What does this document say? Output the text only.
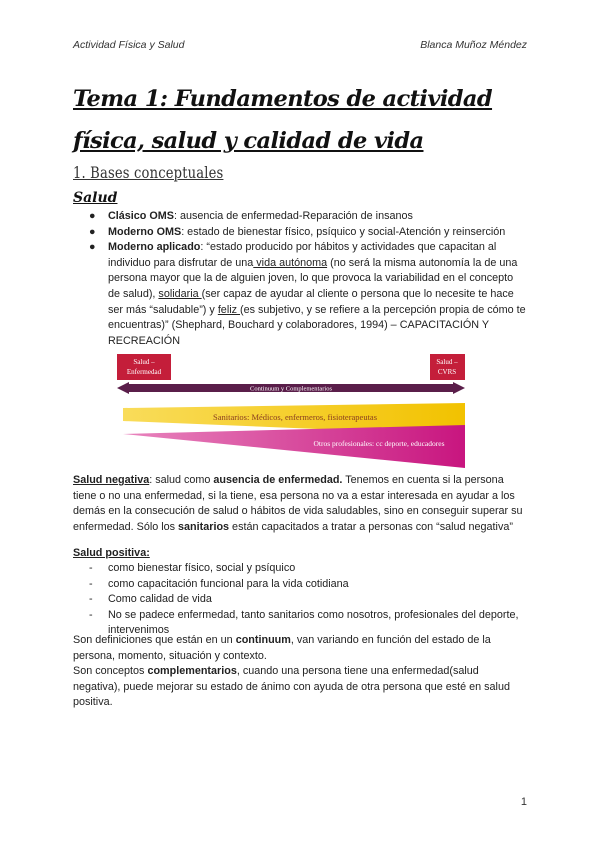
Actividad Física y Salud	Blanca Muñoz Méndez
Tema 1: Fundamentos de actividad física, salud y calidad de vida
1. Bases conceptuales
Salud
● Clásico OMS: ausencia de enfermedad-Reparación de insanos
● Moderno OMS: estado de bienestar físico, psíquico y social-Atención y reinserción
● Moderno aplicado: “estado producido por hábitos y actividades que capacitan al individuo para disfrutar de una vida autónoma (no será la misma autonomía la de una persona mayor que la de alguien joven, lo que provoca la variabilidad en el concepto de salud), solidaria (ser capaz de ayudar al cliente o persona que lo necesite te hace ser más “saludable”) y feliz (es subjetivo, y se refiere a la percepción propia de cómo te encuentras)” (Shephard, Bouchard y colaboradores, 1994) – CAPACITACIÓN Y RECREACIÓN
Salud –
Enfermedad
Salud –
CVRS
Continuum y Complementarios
Sanitarios: Médicos, enfermeros, fisioterapeutas
Otros profesionales: cc deporte, educadores

Salud negativa: salud como ausencia de enfermedad. Tenemos en cuenta si la persona tiene o no una enfermedad, si la tiene, esa persona no va a estar interesada en ayudar a los demás en la consecución de salud o hábitos de vida saludables, sino en conseguir superar su enfermedad. Sólo los sanitarios están capacitados a tratar a personas con “salud negativa”

Salud positiva:

- como bienestar físico, social y psíquico
- como capacitación funcional para la vida cotidiana
- Como calidad de vida
- No se padece enfermedad, tanto sanitarios como nosotros, profesionales del deporte, intervenimos

Son definiciones que están en un continuum, van variando en función del estado de la persona, momento, situación y contexto.

Son conceptos complementarios, cuando una persona tiene una enfermedad(salud negativa), puede mejorar su estado de ánimo con ayuda de otra persona que esté en salud positiva.

1
